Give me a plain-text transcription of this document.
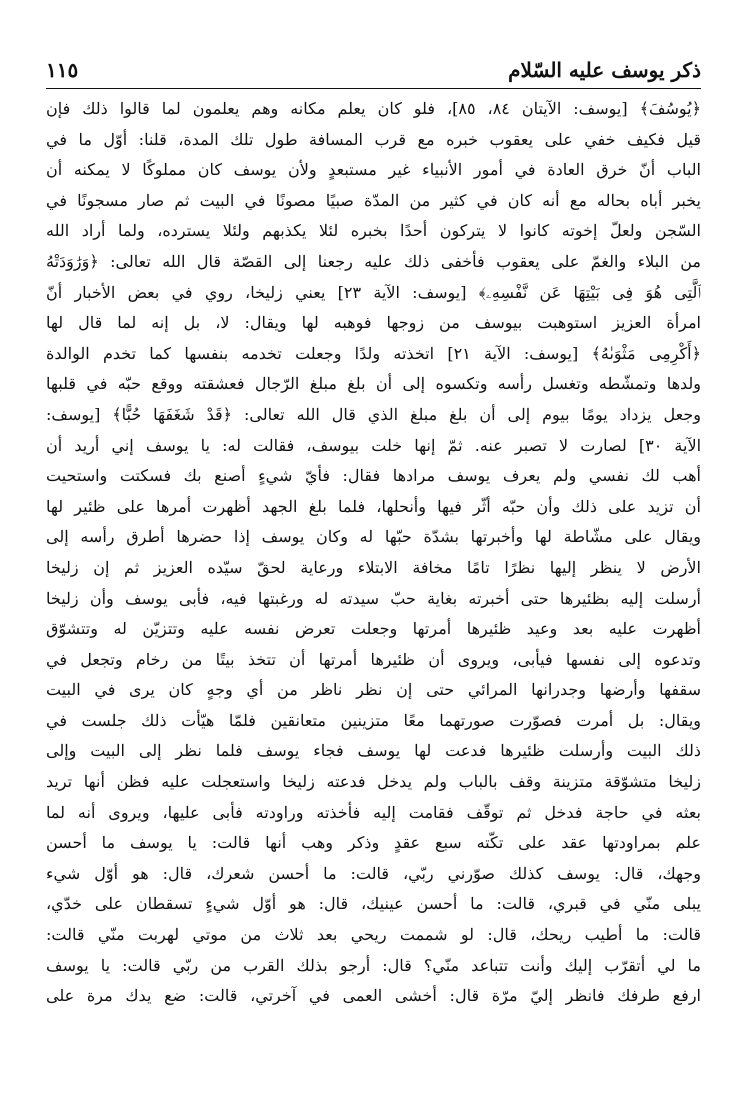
ذكر يوسف عليه السّلام
١١٥
﴿يُوسُفَ﴾ [يوسف: الآيتان ٨٤، ٨٥]، فلو كان يعلم مكانه وهم يعلمون لما قالوا ذلك فإن
قيل فكيف خفي على يعقوب خبره مع قرب المسافة طول تلك المدة، قلنا: أوّل ما في
الباب أنّ خرق العادة في أمور الأنبياء غير مستبعدٍ ولأن يوسف كان مملوكًا لا يمكنه أن
يخبر أباه بحاله مع أنه كان في كثير من المدّة صبيًا مصونًا في البيت ثم صار مسجونًا في
السّجن ولعلّ إخوته كانوا لا يتركون أحدًا بخبره لئلا يكذبهم ولئلا يسترده، ولما أراد الله
من البلاء والغمّ على يعقوب فأخفى ذلك عليه رجعنا إلى القصّة قال الله تعالى: ﴿وَرَٰوَدَتْهُ
ٱلَّتِى هُوَ فِى بَيْتِهَا عَن نَّفْسِهِۦ﴾ [يوسف: الآية ٢٣] يعني زليخا، روي في بعض الأخبار أنّ
امرأة العزيز استوهبت بيوسف من زوجها فوهبه لها ويقال: لا، بل إنه لما قال لها
﴿أَكْرِمِى مَثْوَىٰهُ﴾ [يوسف: الآية ٢١] اتخذته ولدًا وجعلت تخدمه بنفسها كما تخدم الوالدة
ولدها وتمشّطه وتغسل رأسه وتكسوه إلى أن بلغ مبلغ الرّجال فعشقته ووقع حبّه في قلبها
وجعل يزداد يومًا بيوم إلى أن بلغ مبلغ الذي قال الله تعالى: ﴿قَدْ شَغَفَهَا حُبًّا﴾ [يوسف:
الآية ٣٠] لصارت لا تصبر عنه. ثمّ إنها خلت بيوسف، فقالت له: يا يوسف إني أريد أن
أهب لك نفسي ولم يعرف يوسف مرادها فقال: فأيّ شيءٍ أصنع بك فسكتت واستحيت
أن تزيد على ذلك وأن حبّه أثّر فيها وأنحلها، فلما بلغ الجهد أظهرت أمرها على ظئير لها
ويقال على مشّاطة لها وأخبرتها بشدّة حبّها له وكان يوسف إذا حضرها أطرق رأسه إلى
الأرض لا ينظر إليها نظرًا تامًا مخافة الابتلاء ورعاية لحقّ سيّده العزيز ثم إن زليخا
أرسلت إليه بظئيرها حتى أخبرته بغاية حبّ سيدته له ورغبتها فيه، فأبى يوسف وأن زليخا
أظهرت عليه بعد وعيد ظئيرها أمرتها وجعلت تعرض نفسه عليه وتتزيّن له وتتشوّق
وتدعوه إلى نفسها فيأبى، ويروى أن ظئيرها أمرتها أن تتخذ بيتًا من رخام وتجعل في
سقفها وأرضها وجدرانها المرائي حتى إن نظر ناظر من أي وجهٍ كان يرى في البيت
ويقال: بل أمرت فصوّرت صورتهما معًا متزينين متعانقين فلمّا هيّأت ذلك جلست في
ذلك البيت وأرسلت ظئيرها فدعت لها يوسف فجاء يوسف فلما نظر إلى البيت وإلى
زليخا متشوّقة متزينة وقف بالباب ولم يدخل فدعته زليخا واستعجلت عليه فظن أنها تريد
بعثه في حاجة فدخل ثم توقّف فقامت إليه فأخذته وراودته فأبى عليها، ويروى أنه لما
علم بمراودتها عقد على تكّته سبع عقدٍ وذكر وهب أنها قالت: يا يوسف ما أحسن
وجهك، قال: يوسف كذلك صوّرني ربّي، قالت: ما أحسن شعرك، قال: هو أوّل شيء
يبلى منّي في قبري، قالت: ما أحسن عينيك، قال: هو أوّل شيءٍ تسقطان على خدّي،
قالت: ما أطيب ريحك، قال: لو شممت ريحي بعد ثلاث من موتي لهربت منّي قالت:
ما لي أتقرّب إليك وأنت تتباعد منّي؟ قال: أرجو بذلك القرب من ربّي قالت: يا يوسف
ارفع طرفك فانظر إليّ مرّة قال: أخشى العمى في آخرتي، قالت: ضع يدك مرة على
